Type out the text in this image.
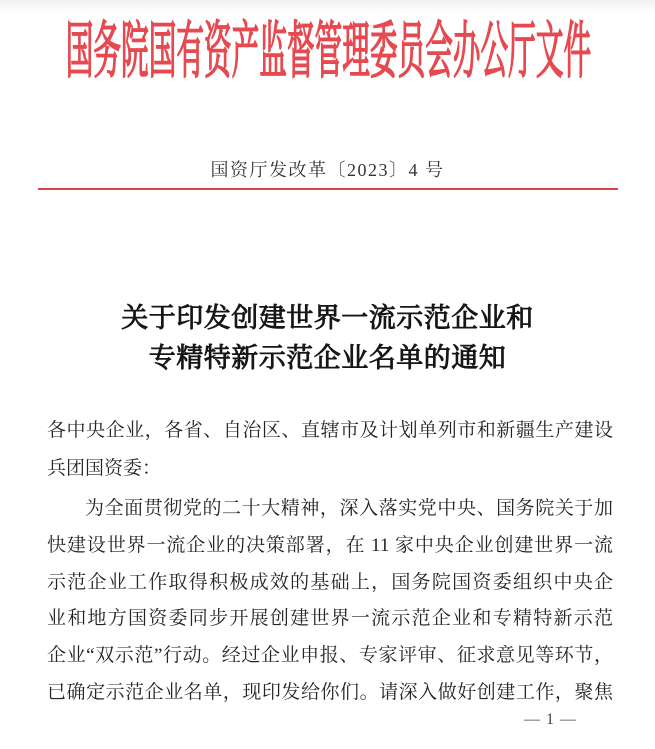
国务院国有资产监督管理委员会办公厅文件
国资厅发改革〔2023〕4 号
关于印发创建世界一流示范企业和
专精特新示范企业名单的通知
各中央企业，各省、自治区、直辖市及计划单列市和新疆生产建设
兵团国资委：
为全面贯彻党的二十大精神，深入落实党中央、国务院关于加
快建设世界一流企业的决策部署，在 11 家中央企业创建世界一流
示范企业工作取得积极成效的基础上，国务院国资委组织中央企
业和地方国资委同步开展创建世界一流示范企业和专精特新示范
企业“双示范”行动。经过企业申报、专家评审、征求意见等环节，
已确定示范企业名单，现印发给你们。请深入做好创建工作，聚焦
— 1 —
